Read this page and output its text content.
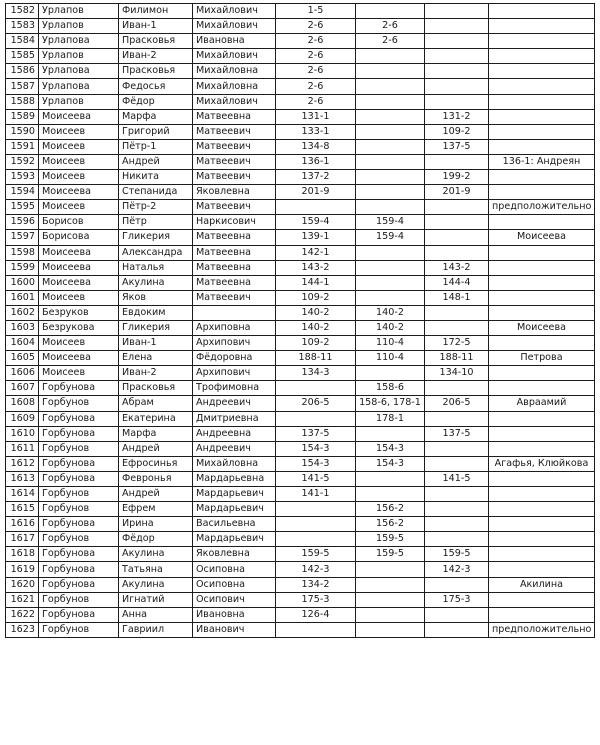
1582	Урлапов	Филимон	Михайлович	1-5			
1583	Урлапов	Иван-1	Михайлович	2-6	2-6		
1584	Урлапова	Прасковья	Ивановна	2-6	2-6		
1585	Урлапов	Иван-2	Михайлович	2-6			
1586	Урлапова	Прасковья	Михайловна	2-6			
1587	Урлапова	Федосья	Михайловна	2-6			
1588	Урлапов	Фёдор	Михайлович	2-6			
1589	Моисеева	Марфа	Матвеевна	131-1		131-2	
1590	Моисеев	Григорий	Матвеевич	133-1		109-2	
1591	Моисеев	Пётр-1	Матвеевич	134-8		137-5	
1592	Моисеев	Андрей	Матвеевич	136-1			136-1: Андреян
1593	Моисеев	Никита	Матвеевич	137-2		199-2	
1594	Моисеева	Степанида	Яковлевна	201-9		201-9	
1595	Моисеев	Пётр-2	Матвеевич				предположительно
1596	Борисов	Пётр	Наркисович	159-4	159-4		
1597	Борисова	Гликерия	Матвеевна	139-1	159-4		Моисеева
1598	Моисеева	Александра	Матвеевна	142-1			
1599	Моисеева	Наталья	Матвеевна	143-2		143-2	
1600	Моисеева	Акулина	Матвеевна	144-1		144-4	
1601	Моисеев	Яков	Матвеевич	109-2		148-1	
1602	Безруков	Евдоким		140-2	140-2		
1603	Безрукова	Гликерия	Архиповна	140-2	140-2		Моисеева
1604	Моисеев	Иван-1	Архипович	109-2	110-4	172-5	
1605	Моисеева	Елена	Фёдоровна	188-11	110-4	188-11	Петрова
1606	Моисеев	Иван-2	Архипович	134-3		134-10	
1607	Горбунова	Прасковья	Трофимовна		158-6		
1608	Горбунов	Абрам	Андреевич	206-5	158-6, 178-1	206-5	Авраамий
1609	Горбунова	Екатерина	Дмитриевна		178-1		
1610	Горбунова	Марфа	Андреевна	137-5		137-5	
1611	Горбунов	Андрей	Андреевич	154-3	154-3		
1612	Горбунова	Ефросинья	Михайловна	154-3	154-3		Агафья, Клюйкова
1613	Горбунова	Февронья	Мардарьевна	141-5		141-5	
1614	Горбунов	Андрей	Мардарьевич	141-1			
1615	Горбунов	Ефрем	Мардарьевич		156-2		
1616	Горбунова	Ирина	Васильевна		156-2		
1617	Горбунов	Фёдор	Мардарьевич		159-5		
1618	Горбунова	Акулина	Яковлевна	159-5	159-5	159-5	
1619	Горбунова	Татьяна	Осиповна	142-3		142-3	
1620	Горбунова	Акулина	Осиповна	134-2			Акилина
1621	Горбунов	Игнатий	Осипович	175-3		175-3	
1622	Горбунова	Анна	Ивановна	126-4			
1623	Горбунов	Гавриил	Иванович				предположительно
